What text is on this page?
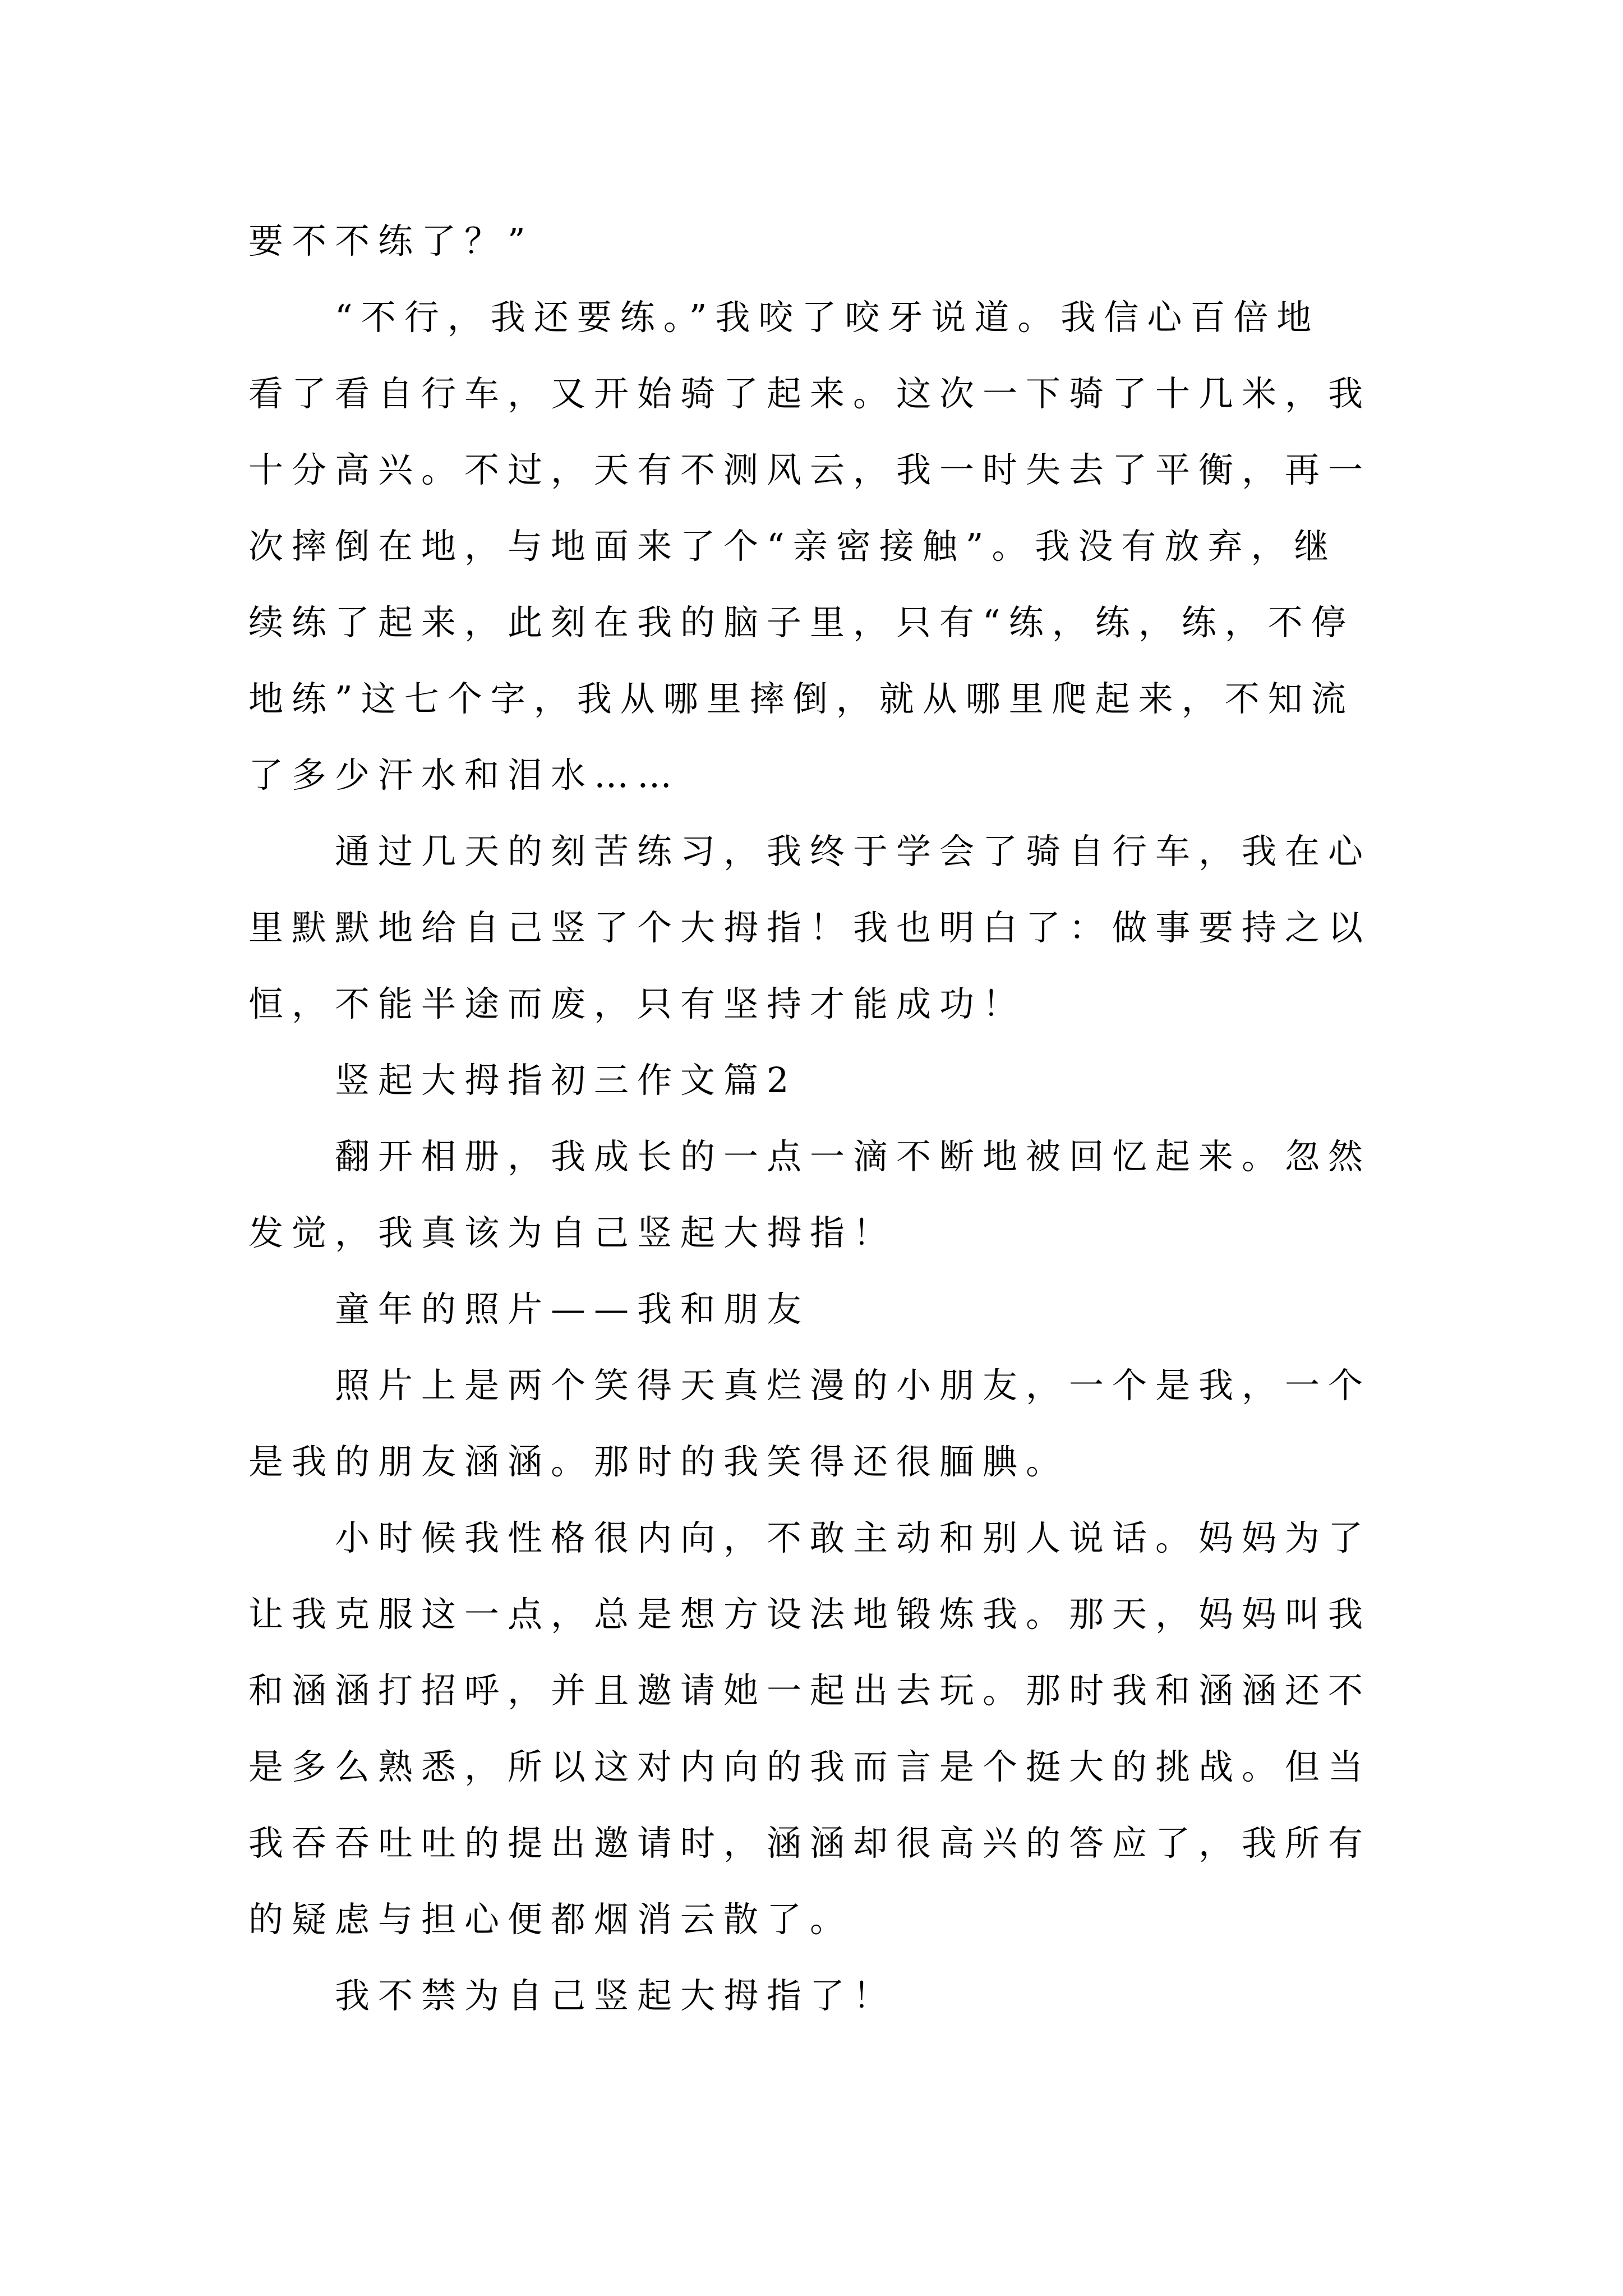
要不不练了？”

“不行，我还要练。”我咬了咬牙说道。我信心百倍地

看了看自行车，又开始骑了起来。这次一下骑了十几米，我

十分高兴。不过，天有不测风云，我一时失去了平衡，再一

次摔倒在地，与地面来了个“亲密接触”。我没有放弃，继

续练了起来，此刻在我的脑子里，只有“练，练，练，不停

地练”这七个字，我从哪里摔倒，就从哪里爬起来，不知流

了多少汗水和泪水……

通过几天的刻苦练习，我终于学会了骑自行车，我在心

里默默地给自己竖了个大拇指！我也明白了：做事要持之以

恒，不能半途而废，只有坚持才能成功！

竖起大拇指初三作文篇2

翻开相册，我成长的一点一滴不断地被回忆起来。忽然

发觉，我真该为自己竖起大拇指！

童年的照片——我和朋友

照片上是两个笑得天真烂漫的小朋友，一个是我，一个

是我的朋友涵涵。那时的我笑得还很腼腆。

小时候我性格很内向，不敢主动和别人说话。妈妈为了

让我克服这一点，总是想方设法地锻炼我。那天，妈妈叫我

和涵涵打招呼，并且邀请她一起出去玩。那时我和涵涵还不

是多么熟悉，所以这对内向的我而言是个挺大的挑战。但当

我吞吞吐吐的提出邀请时，涵涵却很高兴的答应了，我所有

的疑虑与担心便都烟消云散了。

我不禁为自己竖起大拇指了！
